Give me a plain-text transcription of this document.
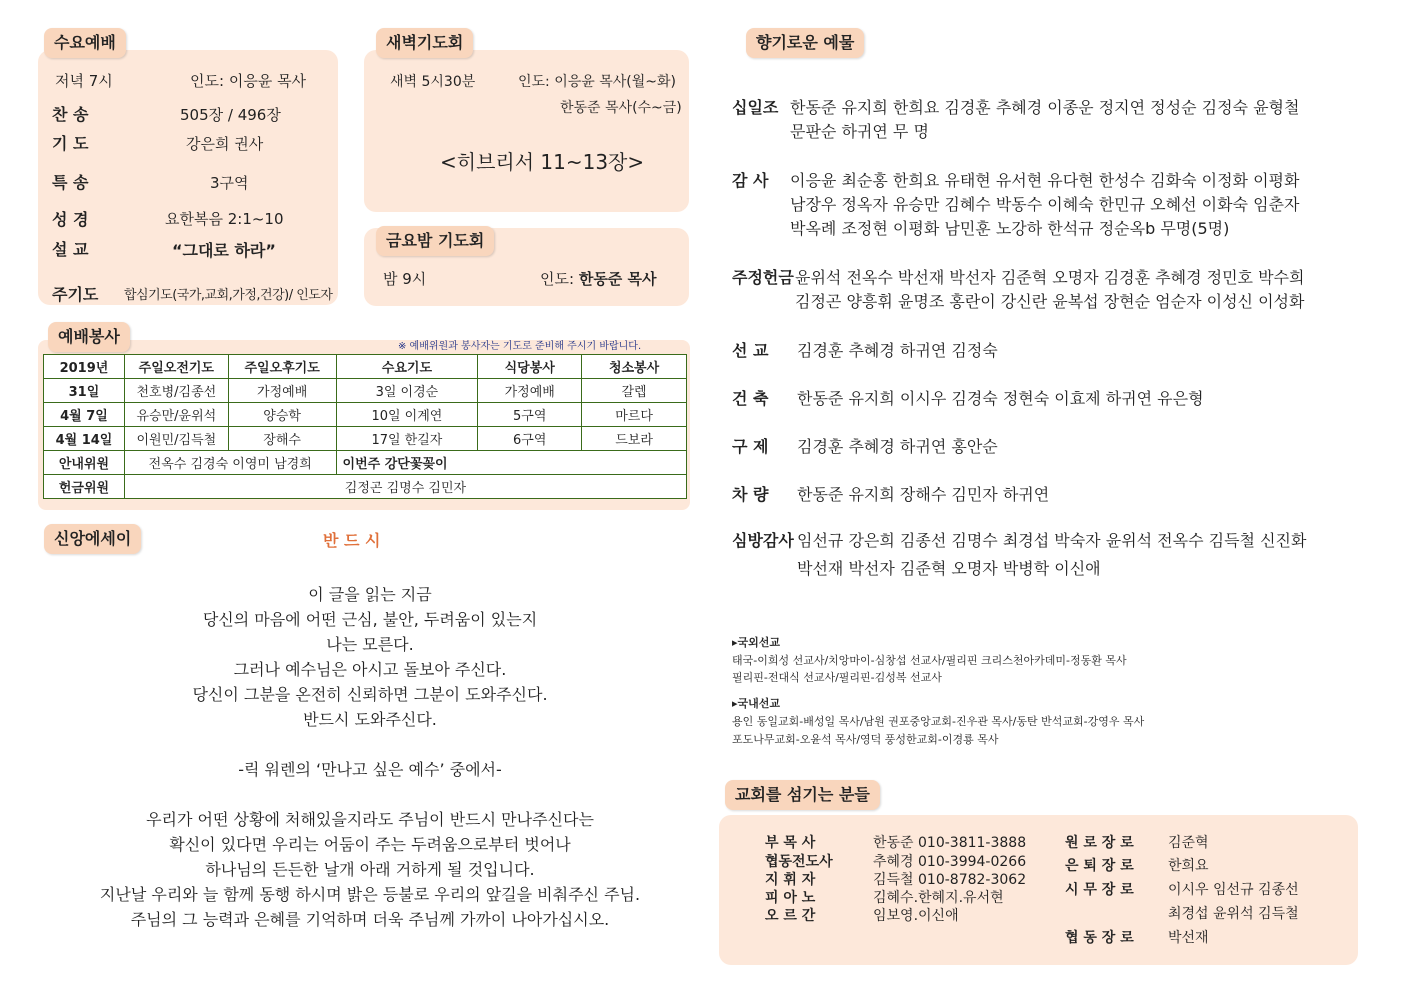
수요예배
저녁 7시	인도: 이응윤 목사
찬 송	505장 / 496장
기 도	강은희 권사
특 송	3구역
성 경	요한복음 2:1~10
설 교	“그대로 하라”
주기도 합심기도(국가,교회,가정,건강)/ 인도자
새벽기도회
새벽 5시30분	인도: 이응윤 목사(월~화)
한동준 목사(수~금)
<히브리서 11~13장>
금요밤 기도회
밤 9시	인도: 한동준 목사
예배봉사
※ 예배위원과 봉사자는 기도로 준비해 주시기 바랍니다.
2019년	주일오전기도	주일오후기도	수요기도	식당봉사	청소봉사
31일	천호병/김종선	가정예배	3일 이경순	가정예배	갈렙
4월 7일	유승만/윤위석	양승학	10일 이계연	5구역	마르다
4월 14일	이원민/김득철	장해수	17일 한길자	6구역	드보라
안내위원	전옥수 김경숙 이영미 남경희		이번주 강단꽃꽂이		
헌금위원	김정곤 김명수 김민자				
신앙에세이	반 드 시
이 글을 읽는 지금
당신의 마음에 어떤 근심, 불안, 두려움이 있는지
나는 모른다.
그러나 예수님은 아시고 돌보아 주신다.
당신이 그분을 온전히 신뢰하면 그분이 도와주신다.
반드시 도와주신다.
-릭 워렌의 ‘만나고 싶은 예수’ 중에서-
우리가 어떤 상황에 처해있을지라도 주님이 반드시 만나주신다는
확신이 있다면 우리는 어둠이 주는 두려움으로부터 벗어나
하나님의 든든한 날개 아래 거하게 될 것입니다.
지난날 우리와 늘 함께 동행 하시며 밝은 등불로 우리의 앞길을 비춰주신 주님.
주님의 그 능력과 은혜를 기억하며 더욱 주님께 가까이 나아가십시오.
향기로운 예물
십일조 한동준 유지희 한희요 김경훈 추혜경 이종운 정지연 정성순 김정숙 윤형철
문판순 하귀연 무 명
감 사 이응윤 최순홍 한희요 유태현 유서현 유다현 한성수 김화숙 이정화 이평화
남장우 정옥자 유승만 김혜수 박동수 이혜숙 한민규 오혜선 이화숙 임춘자
박옥례 조정현 이평화 남민훈 노강하 한석규 정순옥b 무명(5명)
주정헌금 윤위석 전옥수 박선재 박선자 김준혁 오명자 김경훈 추혜경 정민호 박수희
김정곤 양흥휘 윤명조 홍란이 강신란 윤복섭 장현순 엄순자 이성신 이성화
선 교 김경훈 추혜경 하귀연 김정숙
건 축 한동준 유지희 이시우 김경숙 정현숙 이효제 하귀연 유은형
구 제 김경훈 추혜경 하귀연 홍안순
차 량 한동준 유지희 장해수 김민자 하귀연
심방감사 임선규 강은희 김종선 김명수 최경섭 박숙자 윤위석 전옥수 김득철 신진화
박선재 박선자 김준혁 오명자 박병학 이신애
▸국외선교
태국-이희성 선교사/치앙마이-심창섭 선교사/필리핀 크리스천아카데미-정동환 목사
필리핀-전대식 선교사/필리핀-김성복 선교사
▸국내선교
용인 동일교회-배성일 목사/남원 권포중앙교회-진우관 목사/동탄 반석교회-강영우 목사
포도나무교회-오윤석 목사/영덕 풍성한교회-이경룡 목사
교회를 섬기는 분들
부 목 사	한동준 010-3811-3888
협동전도사	추혜경 010-3994-0266
지 휘 자	김득철 010-8782-3062
피 아 노	김혜수.한혜지.유서현
오 르 간	임보영.이신애
원 로 장 로 김준혁
은 퇴 장 로 한희요
시 무 장 로 이시우 임선규 김종선
최경섭 윤위석 김득철
협 동 장 로 박선재
